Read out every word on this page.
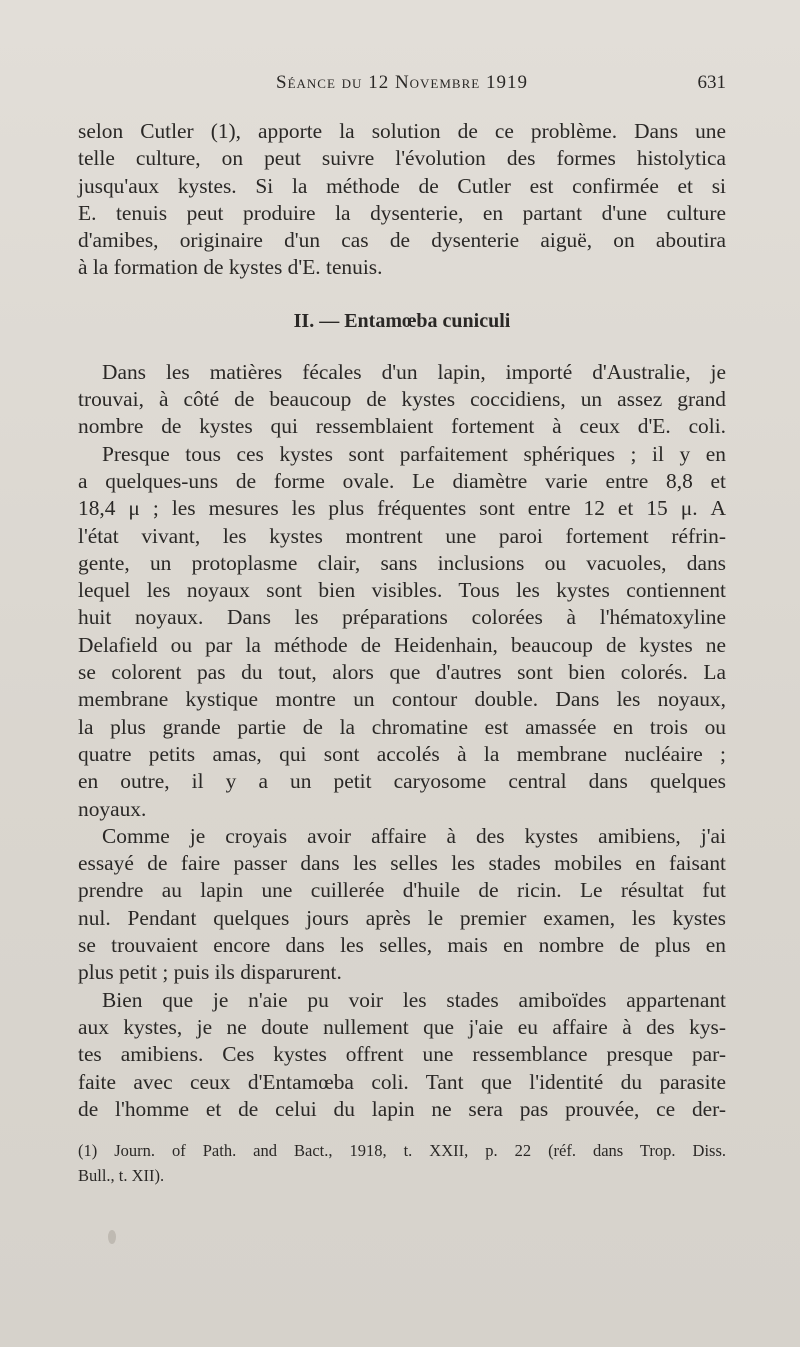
Séance du 12 Novembre 1919	631
selon Cutler (1), apporte la solution de ce problème. Dans une
telle culture, on peut suivre l'évolution des formes histolytica
jusqu'aux kystes. Si la méthode de Cutler est confirmée et si
E. tenuis peut produire la dysenterie, en partant d'une culture
d'amibes, originaire d'un cas de dysenterie aiguë, on aboutira
à la formation de kystes d'E. tenuis.
II. — Entamœba cuniculi
Dans les matières fécales d'un lapin, importé d'Australie, je
trouvai, à côté de beaucoup de kystes coccidiens, un assez grand
nombre de kystes qui ressemblaient fortement à ceux d'E. coli.
Presque tous ces kystes sont parfaitement sphériques ; il y en
a quelques-uns de forme ovale. Le diamètre varie entre 8,8 et
18,4 μ ; les mesures les plus fréquentes sont entre 12 et 15 μ. A
l'état vivant, les kystes montrent une paroi fortement réfrin-
gente, un protoplasme clair, sans inclusions ou vacuoles, dans
lequel les noyaux sont bien visibles. Tous les kystes contiennent
huit noyaux. Dans les préparations colorées à l'hématoxyline
Delafield ou par la méthode de Heidenhain, beaucoup de kystes ne
se colorent pas du tout, alors que d'autres sont bien colorés. La
membrane kystique montre un contour double. Dans les noyaux,
la plus grande partie de la chromatine est amassée en trois ou
quatre petits amas, qui sont accolés à la membrane nucléaire ;
en outre, il y a un petit caryosome central dans quelques
noyaux.
Comme je croyais avoir affaire à des kystes amibiens, j'ai
essayé de faire passer dans les selles les stades mobiles en faisant
prendre au lapin une cuillerée d'huile de ricin. Le résultat fut
nul. Pendant quelques jours après le premier examen, les kystes
se trouvaient encore dans les selles, mais en nombre de plus en
plus petit ; puis ils disparurent.
Bien que je n'aie pu voir les stades amiboïdes appartenant
aux kystes, je ne doute nullement que j'aie eu affaire à des kys-
tes amibiens. Ces kystes offrent une ressemblance presque par-
faite avec ceux d'Entamœba coli. Tant que l'identité du parasite
de l'homme et de celui du lapin ne sera pas prouvée, ce der-
(1) Journ. of Path. and Bact., 1918, t. XXII, p. 22 (réf. dans Trop. Diss.
Bull., t. XII).
